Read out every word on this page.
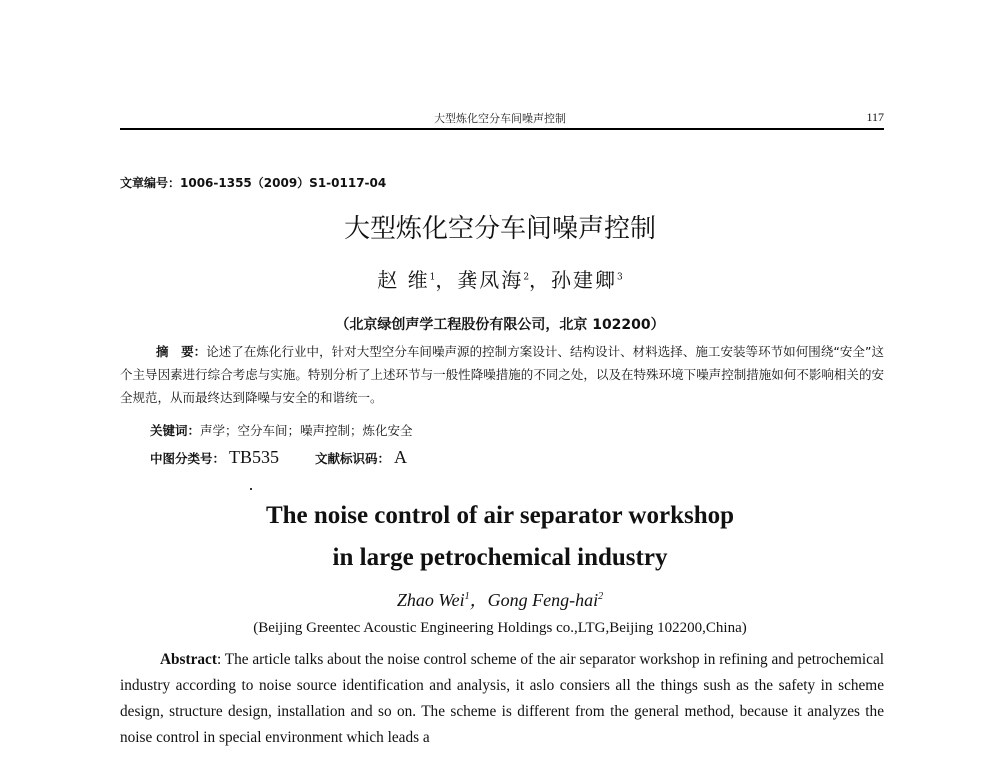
大型炼化空分车间噪声控制	117
文章编号：1006-1355（2009）S1-0117-04
大型炼化空分车间噪声控制
赵 维$^1$，龚凤海$^2$，孙建卿$^3$
（北京绿创声学工程股份有限公司，北京 102200）
摘　要：论述了在炼化行业中，针对大型空分车间噪声源的控制方案设计、结构设计、材料选择、施工安装等环节如何围绕“安全”这个主导因素进行综合考虑与实施。特别分析了上述环节与一般性降噪措施的不同之处，以及在特殊环境下噪声控制措施如何不影响相关的安全规范，从而最终达到降噪与安全的和谐统一。
关键词：声学；空分车间；噪声控制；炼化安全
中图分类号： TB535	文献标识码： A
The noise control of air separator workshop
in large petrochemical industry
Zhao Wei$^1$，Gong Feng-hai$^2$
(Beijing Greentec Acoustic Engineering Holdings co.,LTG,Beijing 102200,China)
Abstract: The article talks about the noise control scheme of the air separator workshop in refining and petrochemical industry according to noise source identification and analysis, it aslo consiers all the things sush as the safety in scheme design, structure design, installation and so on. The scheme is different from the general method, because it analyzes the noise control in special environment which leads a
